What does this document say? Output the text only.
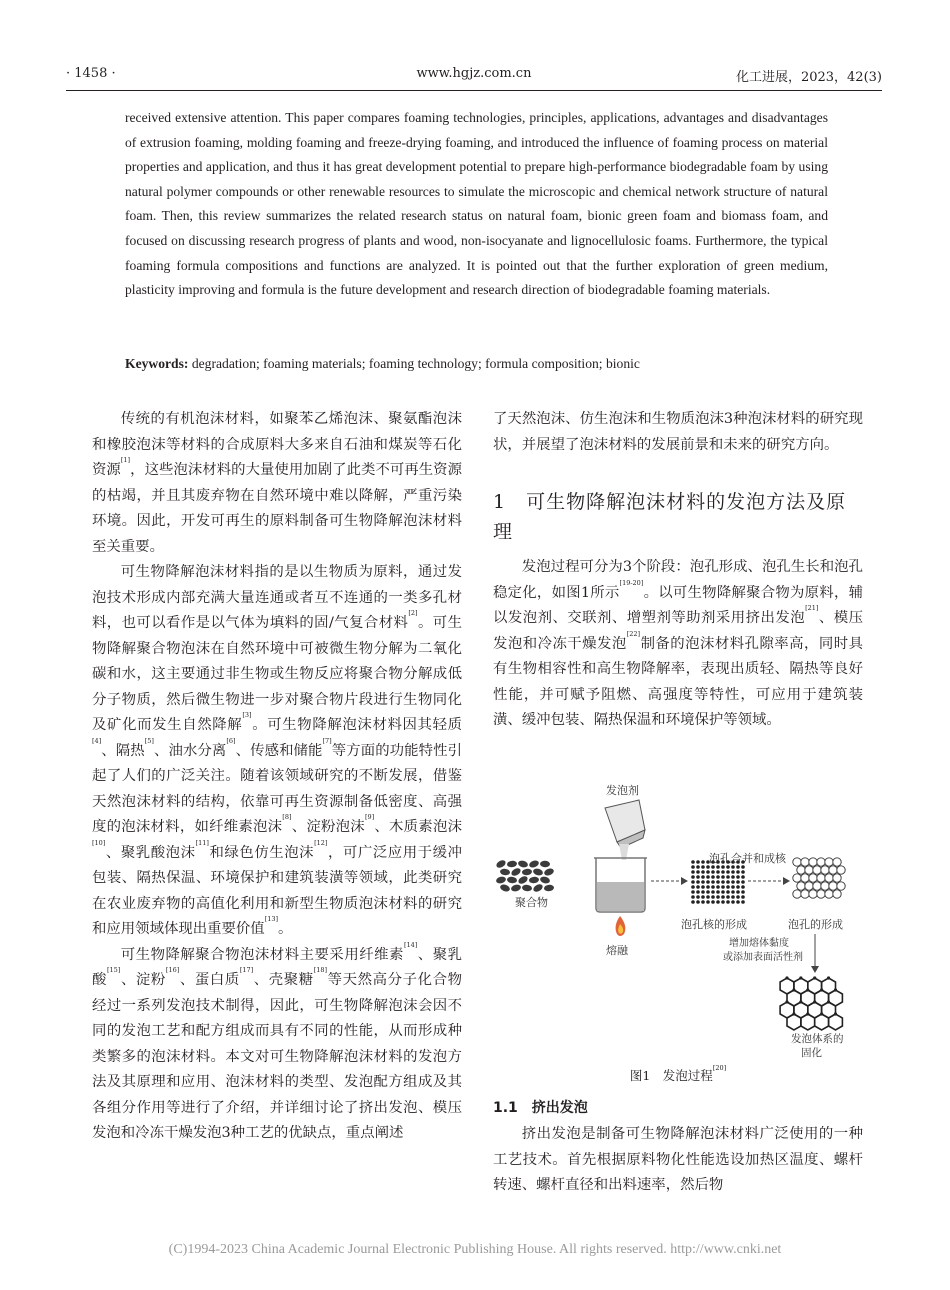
· 1458 ·	www.hgjz.com.cn	化工进展，2023，42(3)

received extensive attention. This paper compares foaming technologies, principles, applications, advantages and disadvantages of extrusion foaming, molding foaming and freeze-drying foaming, and introduced the influence of foaming process on material properties and application, and thus it has great development potential to prepare high-performance biodegradable foam by using natural polymer compounds or other renewable resources to simulate the microscopic and chemical network structure of natural foam. Then, this review summarizes the related research status on natural foam, bionic green foam and biomass foam, and focused on discussing research progress of plants and wood, non-isocyanate and lignocellulosic foams. Furthermore, the typical foaming formula compositions and functions are analyzed. It is pointed out that the further exploration of green medium, plasticity improving and formula is the future development and research direction of biodegradable foaming materials.

Keywords: degradation; foaming materials; foaming technology; formula composition; bionic

传统的有机泡沫材料，如聚苯乙烯泡沫、聚氨酯泡沫和橡胶泡沫等材料的合成原料大多来自石油和煤炭等石化资源[1]，这些泡沫材料的大量使用加剧了此类不可再生资源的枯竭，并且其废弃物在自然环境中难以降解，严重污染环境。因此，开发可再生的原料制备可生物降解泡沫材料至关重要。

可生物降解泡沫材料指的是以生物质为原料，通过发泡技术形成内部充满大量连通或者互不连通的一类多孔材料，也可以看作是以气体为填料的固/气复合材料[2]。可生物降解聚合物泡沫在自然环境中可被微生物分解为二氧化碳和水，这主要通过非生物或生物反应将聚合物分解成低分子物质，然后微生物进一步对聚合物片段进行生物同化及矿化而发生自然降解[3]。可生物降解泡沫材料因其轻质[4]、隔热[5]、油水分离[6]、传感和储能[7]等方面的功能特性引起了人们的广泛关注。随着该领域研究的不断发展，借鉴天然泡沫材料的结构，依靠可再生资源制备低密度、高强度的泡沫材料，如纤维素泡沫[8]、淀粉泡沫[9]、木质素泡沫[10]、聚乳酸泡沫[11]和绿色仿生泡沫[12]，可广泛应用于缓冲包装、隔热保温、环境保护和建筑装潢等领域，此类研究在农业废弃物的高值化利用和新型生物质泡沫材料的研究和应用领域体现出重要价值[13]。

可生物降解聚合物泡沫材料主要采用纤维素[14]、聚乳酸[15]、淀粉[16]、蛋白质[17]、壳聚糖[18]等天然高分子化合物经过一系列发泡技术制得，因此，可生物降解泡沫会因不同的发泡工艺和配方组成而具有不同的性能，从而形成种类繁多的泡沫材料。本文对可生物降解泡沫材料的发泡方法及其原理和应用、泡沫材料的类型、发泡配方组成及其各组分作用等进行了介绍，并详细讨论了挤出发泡、模压发泡和冷冻干燥发泡3种工艺的优缺点，重点阐述

了天然泡沫、仿生泡沫和生物质泡沫3种泡沫材料的研究现状，并展望了泡沫材料的发展前景和未来的研究方向。

1　可生物降解泡沫材料的发泡方法及原理

发泡过程可分为3个阶段：泡孔形成、泡孔生长和泡孔稳定化，如图1所示[19-20]。以可生物降解聚合物为原料，辅以发泡剂、交联剂、增塑剂等助剂采用挤出发泡[21]、模压发泡和冷冻干燥发泡[22]制备的泡沫材料孔隙率高，同时具有生物相容性和高生物降解率，表现出质轻、隔热等良好性能，并可赋予阻燃、高强度等特性，可应用于建筑装潢、缓冲包装、隔热保温和环境保护等领域。

聚合物
发泡剂
熔融
泡孔核的形成
泡孔合并和成核
泡孔的形成
增加熔体黏度
或添加表面活性剂
发泡体系的
固化
图1　发泡过程[20]
1.1　挤出发泡

挤出发泡是制备可生物降解泡沫材料广泛使用的一种工艺技术。首先根据原料物化性能选设加热区温度、螺杆转速、螺杆直径和出料速率，然后物

(C)1994-2023 China Academic Journal Electronic Publishing House. All rights reserved. http://www.cnki.net
